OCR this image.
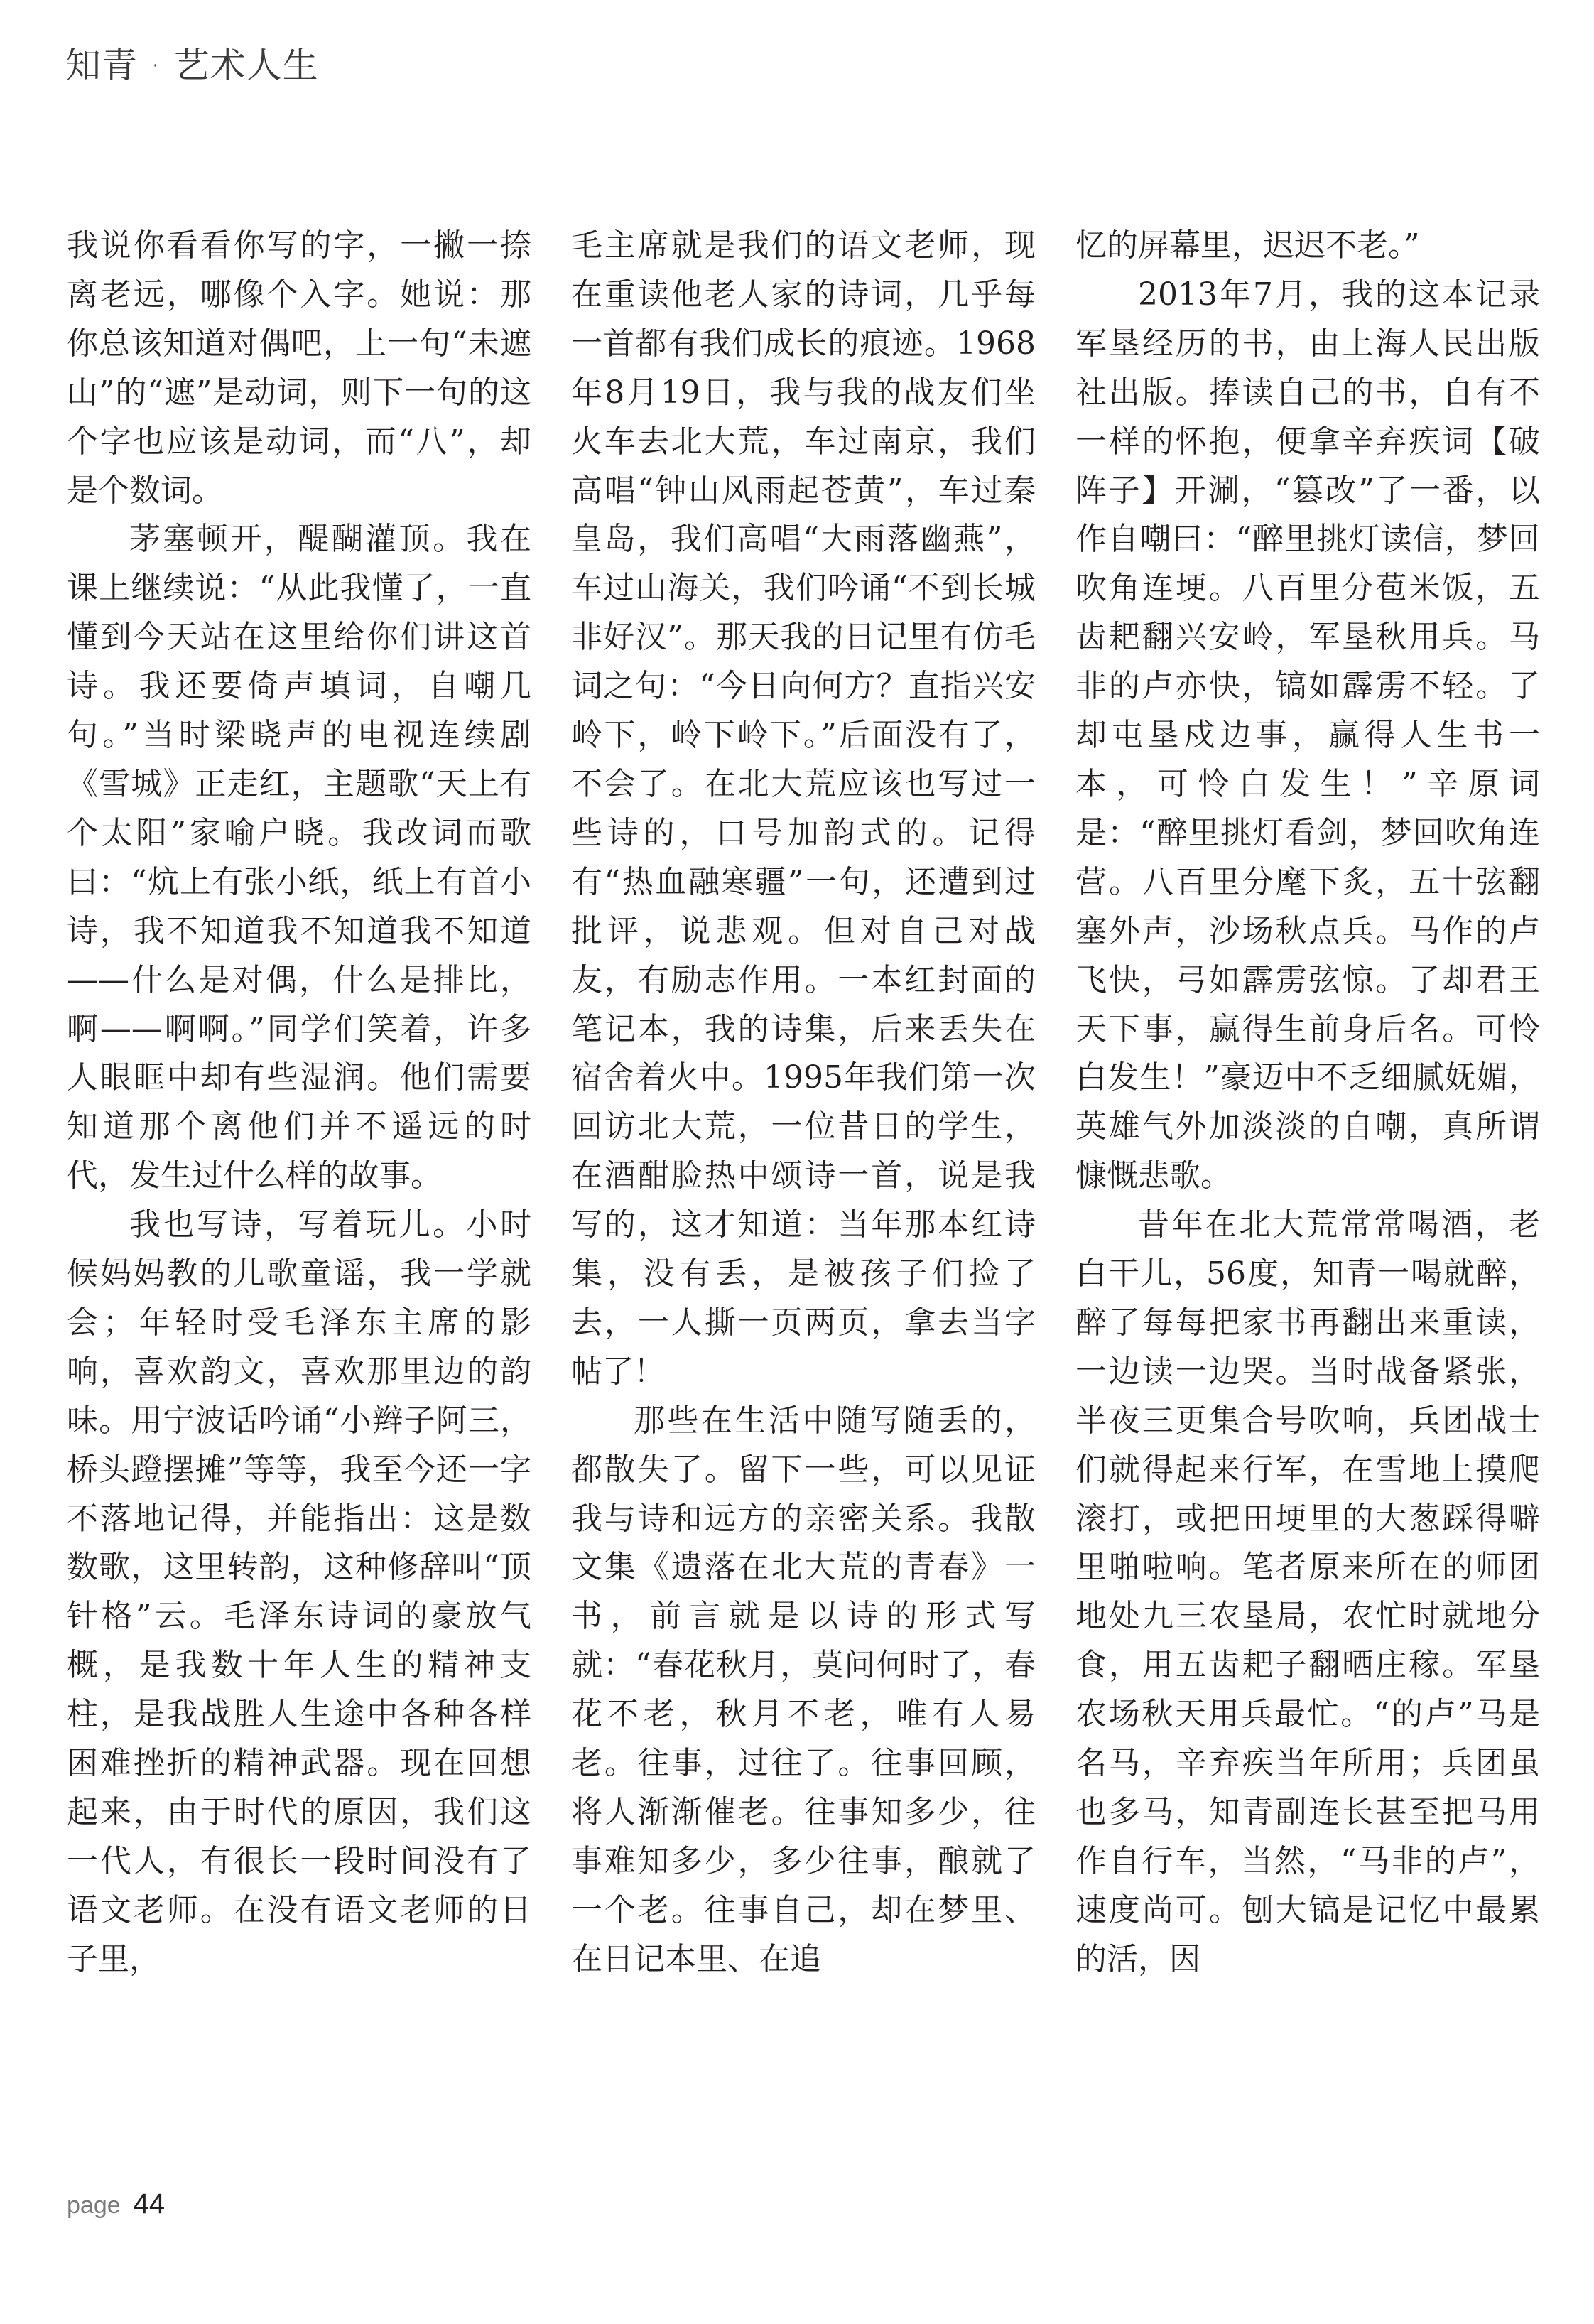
知青 · 艺术人生

我说你看看你写的字，一撇一捺离老远，哪像个入字。她说：那你总该知道对偶吧，上一句“未遮山”的“遮”是动词，则下一句的这个字也应该是动词，而“八”，却是个数词。

茅塞顿开，醍醐灌顶。我在课上继续说：“从此我懂了，一直懂到今天站在这里给你们讲这首诗。我还要倚声填词，自嘲几句。”当时梁晓声的电视连续剧《雪城》正走红，主题歌“天上有个太阳”家喻户晓。我改词而歌曰：“炕上有张小纸，纸上有首小诗，我不知道我不知道我不知道——什么是对偶，什么是排比，啊——啊啊。”同学们笑着，许多人眼眶中却有些湿润。他们需要知道那个离他们并不遥远的时代，发生过什么样的故事。

我也写诗，写着玩儿。小时候妈妈教的儿歌童谣，我一学就会；年轻时受毛泽东主席的影响，喜欢韵文，喜欢那里边的韵味。用宁波话吟诵“小辫子阿三，桥头蹬摆摊”等等，我至今还一字不落地记得，并能指出：这是数数歌，这里转韵，这种修辞叫“顶针格”云。毛泽东诗词的豪放气概，是我数十年人生的精神支柱，是我战胜人生途中各种各样困难挫折的精神武器。现在回想起来，由于时代的原因，我们这一代人，有很长一段时间没有了语文老师。在没有语文老师的日子里，

毛主席就是我们的语文老师，现在重读他老人家的诗词，几乎每一首都有我们成长的痕迹。1968年8月19日，我与我的战友们坐火车去北大荒，车过南京，我们高唱“钟山风雨起苍黄”，车过秦皇岛，我们高唱“大雨落幽燕”，车过山海关，我们吟诵“不到长城非好汉”。那天我的日记里有仿毛词之句：“今日向何方？直指兴安岭下，岭下岭下。”后面没有了，不会了。在北大荒应该也写过一些诗的，口号加韵式的。记得有“热血融寒疆”一句，还遭到过批评，说悲观。但对自己对战友，有励志作用。一本红封面的笔记本，我的诗集，后来丢失在宿舍着火中。1995年我们第一次回访北大荒，一位昔日的学生，在酒酣脸热中颂诗一首，说是我写的，这才知道：当年那本红诗集，没有丢，是被孩子们捡了去，一人撕一页两页，拿去当字帖了！

那些在生活中随写随丢的，都散失了。留下一些，可以见证我与诗和远方的亲密关系。我散文集《遗落在北大荒的青春》一书，前言就是以诗的形式写就：“春花秋月，莫问何时了，春花不老，秋月不老，唯有人易老。往事，过往了。往事回顾，将人渐渐催老。往事知多少，往事难知多少，多少往事，酿就了一个老。往事自己，却在梦里、在日记本里、在追

忆的屏幕里，迟迟不老。”

2013年7月，我的这本记录军垦经历的书，由上海人民出版社出版。捧读自己的书，自有不一样的怀抱，便拿辛弃疾词【破阵子】开涮，“篡改”了一番，以作自嘲曰：“醉里挑灯读信，梦回吹角连埂。八百里分苞米饭，五齿耙翻兴安岭，军垦秋用兵。马非的卢亦快，镐如霹雳不轻。了却屯垦戍边事，赢得人生书一本，可怜白发生！”辛原词是：“醉里挑灯看剑，梦回吹角连营。八百里分麾下炙，五十弦翻塞外声，沙场秋点兵。马作的卢飞快，弓如霹雳弦惊。了却君王天下事，赢得生前身后名。可怜白发生！”豪迈中不乏细腻妩媚，英雄气外加淡淡的自嘲，真所谓慷慨悲歌。

昔年在北大荒常常喝酒，老白干儿，56度，知青一喝就醉，醉了每每把家书再翻出来重读，一边读一边哭。当时战备紧张，半夜三更集合号吹响，兵团战士们就得起来行军，在雪地上摸爬滚打，或把田埂里的大葱踩得噼里啪啦响。笔者原来所在的师团地处九三农垦局，农忙时就地分食，用五齿耙子翻晒庄稼。军垦农场秋天用兵最忙。“的卢”马是名马，辛弃疾当年所用；兵团虽也多马，知青副连长甚至把马用作自行车，当然，“马非的卢”，速度尚可。刨大镐是记忆中最累的活，因

page 44
